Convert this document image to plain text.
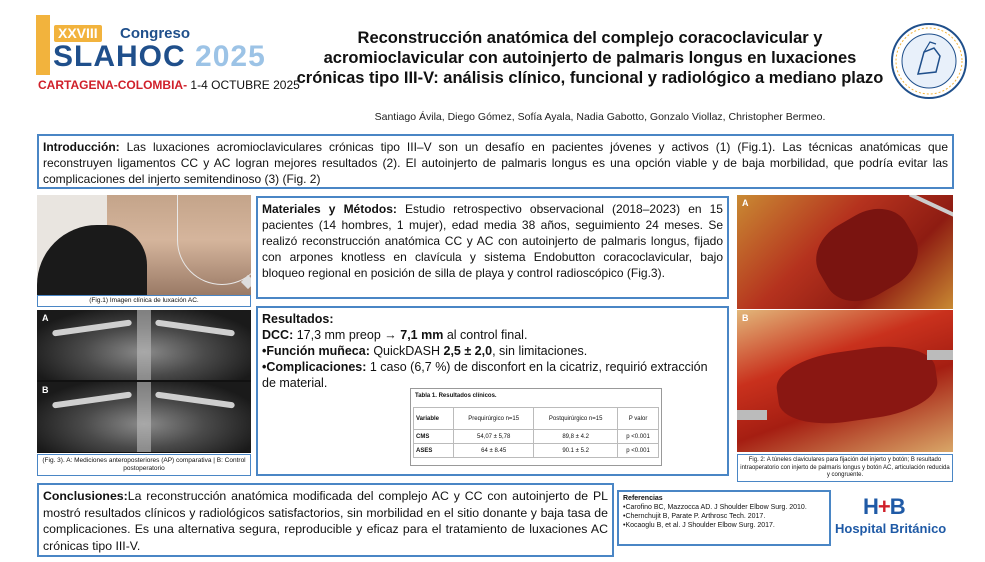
XXVIII Congreso
SLAHOC 2025
CARTAGENA-COLOMBIA- 1-4 OCTUBRE 2025
Reconstrucción anatómica del complejo coracoclavicular y acromioclavicular con autoinjerto de palmaris longus en luxaciones crónicas tipo III-V: análisis clínico, funcional y radiológico a mediano plazo
Santiago Ávila, Diego Gómez, Sofía Ayala, Nadia Gabotto, Gonzalo Viollaz, Christopher Bermeo.
Introducción: Las luxaciones acromioclaviculares crónicas tipo III–V son un desafío en pacientes jóvenes y activos (1) (Fig.1). Las técnicas anatómicas que reconstruyen ligamentos CC y AC logran mejores resultados (2). El autoinjerto de palmaris longus es una opción viable y de baja morbilidad, que podría evitar las complicaciones del injerto semitendinoso (3) (Fig. 2)
(Fig.1) Imagen clínica de luxación AC.
A
B
(Fig. 3). A: Mediciones anteroposteriores (AP) comparativa | B: Control postoperatorio
Materiales y Métodos: Estudio retrospectivo observacional (2018–2023) en 15 pacientes (14 hombres, 1 mujer), edad media 38 años, seguimiento 24 meses. Se realizó reconstrucción anatómica CC y AC con autoinjerto de palmaris longus, fijado con arpones knotless en clavícula y sistema Endobutton coracoclavicular, bajo bloqueo regional en posición de silla de playa y control radioscópico (Fig.3).
Resultados:
DCC: 17,3 mm preop → 7,1 mm al control final.
•Función muñeca: QuickDASH 2,5 ± 2,0, sin limitaciones.
•Complicaciones: 1 caso (6,7 %) de disconfort en la cicatriz, requirió extracción de material.
Tabla 1. Resultados clínicos.
Variable	Prequirúrgico n=15	Postquirúrgico n=15	P valor
CMS	54,07 ± 5,78	89,8 ± 4.2	p <0.001
ASES	64 ± 8.45	90.1 ± 5.2	p <0.001
A
B
Fig. 2: A túneles claviculares para fijación del injerto y botón; B resultado intraoperatorio con injerto de palmaris longus y botón AC, articulación reducida y congruente.
Conclusiones:La reconstrucción anatómica modificada del complejo AC y CC con autoinjerto de PL mostró resultados clínicos y radiológicos satisfactorios, sin morbilidad en el sitio donante y baja tasa de complicaciones. Es una alternativa segura, reproducible y eficaz para el tratamiento de luxaciones AC crónicas tipo III-V.
Referencias
•Carofino BC, Mazzocca AD. J Shoulder Elbow Surg. 2010.
•Chernchujit B, Parate P. Arthrosc Tech. 2017.
•Kocaoglu B, et al. J Shoulder Elbow Surg. 2017.
H+B
Hospital Británico
